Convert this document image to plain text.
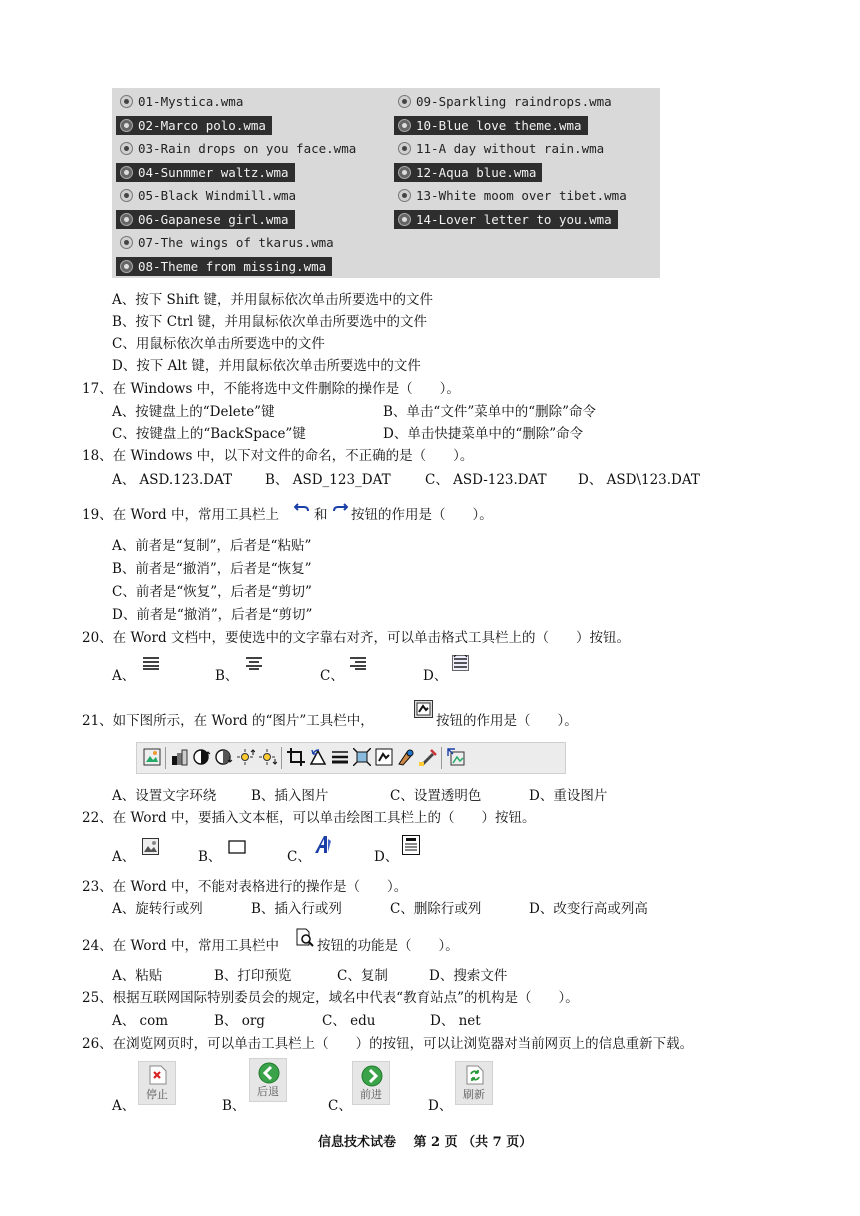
01-Mystica.wma
02-Marco polo.wma
03-Rain drops on you face.wma
04-Sunmmer waltz.wma
05-Black Windmill.wma
06-Gapanese girl.wma
07-The wings of tkarus.wma
08-Theme from missing.wma
09-Sparkling raindrops.wma
10-Blue love theme.wma
11-A day without rain.wma
12-Aqua blue.wma
13-White moom over tibet.wma
14-Lover letter to you.wma
A、按下 Shift 键，并用鼠标依次单击所要选中的文件
B、按下 Ctrl 键，并用鼠标依次单击所要选中的文件
C、用鼠标依次单击所要选中的文件
D、按下 Alt 键，并用鼠标依次单击所要选中的文件
17、在 Windows 中，不能将选中文件删除的操作是（　　）。
A、按键盘上的“Delete”键	B、单击“文件”菜单中的“删除”命令
C、按键盘上的“BackSpace”键	D、单击快捷菜单中的“删除”命令
18、在 Windows 中，以下对文件的命名，不正确的是（　　）。
A、 ASD.123.DAT B、 ASD_123_DAT	C、 ASD-123.DAT D、 ASD\123.DAT
19、在 Word 中，常用工具栏上	和 按钮的作用是（　　）。
A、前者是“复制”，后者是“粘贴”
B、前者是“撤消”，后者是“恢复”
C、前者是“恢复”，后者是“剪切”
D、前者是“撤消”，后者是“剪切”
20、在 Word 文档中，要使选中的文字靠右对齐，可以单击格式工具栏上的（　　）按钮。
A、	B、	C、	D、
21、如下图所示，在 Word 的“图片”工具栏中，	按钮的作用是（　　）。
A、设置文字环绕	B、插入图片	C、设置透明色	D、重设图片
22、在 Word 中，要插入文本框，可以单击绘图工具栏上的（　　）按钮。
A、	B、	C、	D、
23、在 Word 中，不能对表格进行的操作是（　　）。
A、旋转行或列	B、插入行或列	C、删除行或列	D、改变行高或列高
24、在 Word 中，常用工具栏中	按钮的功能是（　　）。
A、粘贴	B、打印预览	C、复制	D、搜索文件
25、根据互联网国际特别委员会的规定，域名中代表“教育站点”的机构是（　　）。
A、 com	B、 org	C、 edu	D、 net
26、在浏览网页时，可以单击工具栏上（　　）的按钮，可以让浏览器对当前网页上的信息重新下载。
A、
停止
B、
后退
C、
前进
D、
刷新
信息技术试卷　 第 2 页 （共 7 页）
